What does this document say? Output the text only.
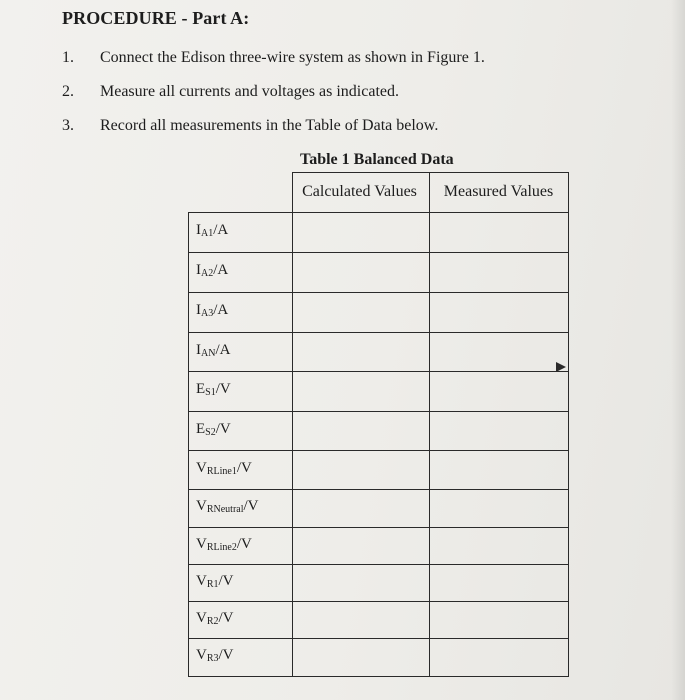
PROCEDURE - Part A:
1. Connect the Edison three-wire system as shown in Figure 1.
2. Measure all currents and voltages as indicated.
3. Record all measurements in the Table of Data below.
Table 1 Balanced Data
Calculated Values	Measured Values
$I_{A1}/A$
$I_{A2}/A$
$I_{A3}/A$
$I_{AN}/A$
$E_{S1}/V$
$E_{S2}/V$
$V_{RLine1}/V$
$V_{RNeutral}/V$
$V_{RLine2}/V$
$V_{R1}/V$
$V_{R2}/V$
$V_{R3}/V$
